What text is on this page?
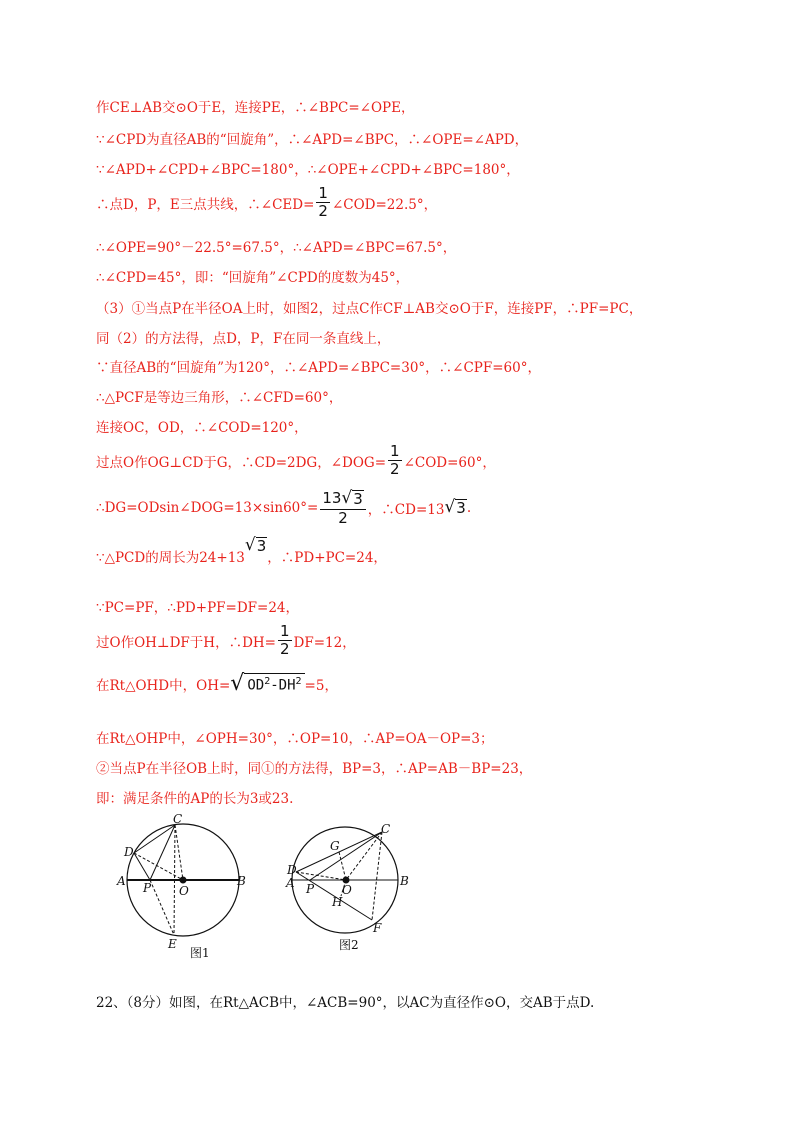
作CE⊥AB交⊙O于E，连接PE，∴∠BPC=∠OPE，
∵∠CPD为直径AB的“回旋角”，∴∠APD=∠BPC，∴∠OPE=∠APD，
∵∠APD+∠CPD+∠BPC=180°，∴∠OPE+∠CPD+∠BPC=180°，
∴点D，P，E三点共线，∴∠CED= $\frac{1}{2}$ ∠COD=22.5°，
∴∠OPE=90°－22.5°=67.5°，∴∠APD=∠BPC=67.5°，
∴∠CPD=45°，即：“回旋角”∠CPD的度数为45°，
（3）①当点P在半径OA上时，如图2，过点C作CF⊥AB交⊙O于F，连接PF，∴PF=PC，
同（2）的方法得，点D，P，F在同一条直线上，
∵直径AB的“回旋角”为120°，∴∠APD=∠BPC=30°，∴∠CPF=60°，
∴△PCF是等边三角形，∴∠CFD=60°，
连接OC，OD，∴∠COD=120°，
过点O作OG⊥CD于G，∴CD=2DG，∠DOG= $\frac{1}{2}$ ∠COD=60°，
∴DG=ODsin∠DOG=13×sin60°= $\frac{13 √ 3}{2}$ ，∴CD=13 √ 3 .
∵△PCD的周长为24+13
√ 3
，∴PD+PC=24，
∵PC=PF，∴PD+PF=DF=24，
过O作OH⊥DF于H，∴DH= $\frac{1}{2} DF=12$，
在Rt△OHD中，OH= √ $OD^2-DH^2 =5$，
在Rt△OHP中，∠OPH=30°，∴OP=10，∴AP=OA－OP=3；
②当点P在半径OB上时，同①的方法得，BP=3，∴AP=AB－BP=23，
即：满足条件的AP的长为3或23.
A	B
C
D
E
O
P
图1
D
A	B
C
G
O
H
P
F
图2
22、（8分）如图，在Rt△ACB中，∠ACB=90°，以AC为直径作⊙O，交AB于点D.
